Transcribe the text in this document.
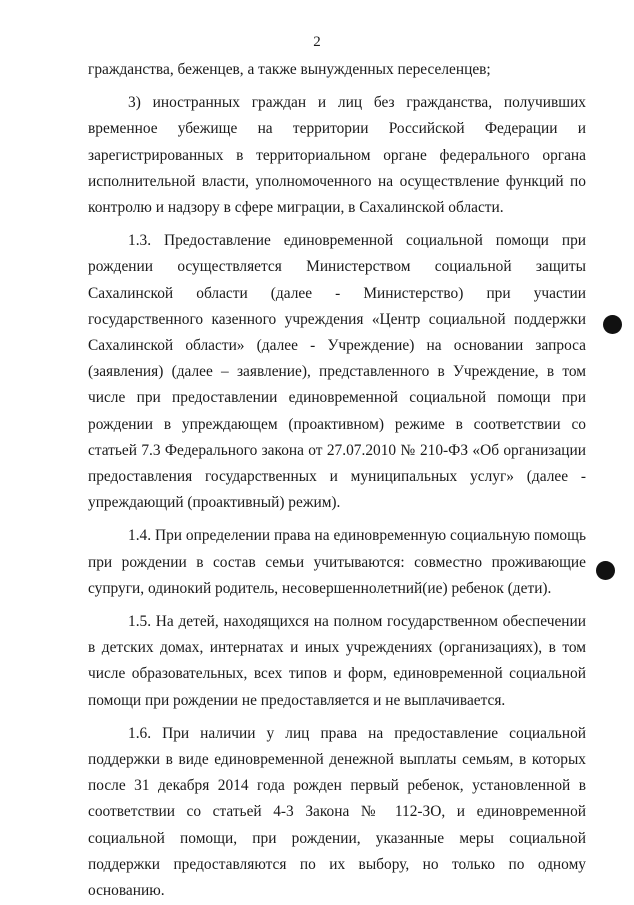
2

гражданства, беженцев, а также вынужденных переселенцев;

3) иностранных граждан и лиц без гражданства, получивших временное убежище на территории Российской Федерации и зарегистрированных в территориальном органе федерального органа исполнительной власти, уполномоченного на осуществление функций по контролю и надзору в сфере миграции, в Сахалинской области.

1.3. Предоставление единовременной социальной помощи при рождении осуществляется Министерством социальной защиты Сахалинской области (далее - Министерство) при участии государственного казенного учреждения «Центр социальной поддержки Сахалинской области» (далее - Учреждение) на основании запроса (заявления) (далее – заявление), представленного в Учреждение, в том числе при предоставлении единовременной социальной помощи при рождении в упреждающем (проактивном) режиме в соответствии со статьей 7.3 Федерального закона от 27.07.2010 № 210-ФЗ «Об организации предоставления государственных и муниципальных услуг» (далее - упреждающий (проактивный) режим).

1.4. При определении права на единовременную социальную помощь при рождении в состав семьи учитываются: совместно проживающие супруги, одинокий родитель, несовершеннолетний(ие) ребенок (дети).

1.5. На детей, находящихся на полном государственном обеспечении в детских домах, интернатах и иных учреждениях (организациях), в том числе образовательных, всех типов и форм, единовременной социальной помощи при рождении не предоставляется и не выплачивается.

1.6. При наличии у лиц права на предоставление социальной поддержки в виде единовременной денежной выплаты семьям, в которых после 31 декабря 2014 года рожден первый ребенок, установленной в соответствии со статьей 4-3 Закона № 112-ЗО, и единовременной социальной помощи, при рождении, указанные меры социальной поддержки предоставляются по их выбору, но только по одному основанию.
